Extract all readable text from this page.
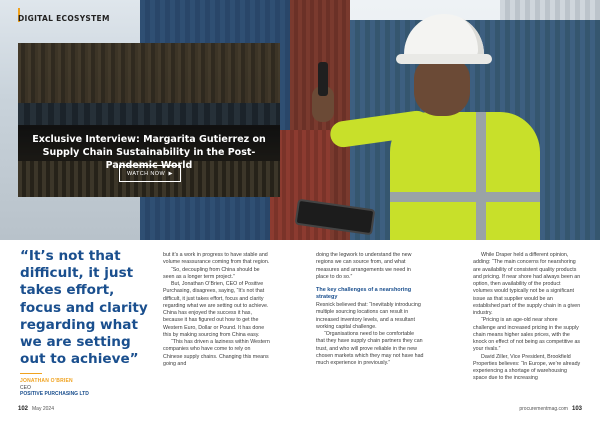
DIGITAL ECOSYSTEM
Exclusive Interview: Margarita Gutierrez on Supply Chain Sustainability in the Post-Pandemic World
WATCH NOW
“It’s not that difficult, it just takes effort, focus and clarity regarding what we are setting out to achieve”
JONATHAN O’BRIEN
CEO
POSITIVE PURCHASING LTD

but it’s a work in progress to have stable and volume reassurance coming from that region.

“So, decoupling from China should be seen as a longer term project.”

But, Jonathan O’Brien, CEO of Positive Purchasing, disagrees, saying, “It’s not that difficult, it just takes effort, focus and clarity regarding what we are setting out to achieve. China has enjoyed the success it has, because it has figured out how to get the Western Euro, Dollar or Pound. It has done this by making sourcing from China easy.

“This has driven a laziness within Western companies who have come to rely on Chinese supply chains. Changing this means going and

doing the legwork to understand the new regions we can source from, and what measures and arrangements we need in place to do so.”

The key challenges of a nearshoring strategy

Resnick believed that: “Inevitably introducing multiple sourcing locations can result in increased inventory levels, and a resultant working capital challenge.

“Organisations need to be comfortable that they have supply chain partners they can trust, and who will prove reliable in the new chosen markets which they may not have had much experience in previously.”

While Draper held a different opinion, adding: “The main concerns for nearshoring are availability of consistent quality products and pricing. If near shore had always been an option, then availability of the product volumes would typically not be a significant issue as that supplier would be an established part of the supply chain in a given industry.

“Pricing is an age-old near shore challenge and increased pricing in the supply chain means higher sales prices, with the knock on effect of not being as competitive as your rivals.”

David Ziller, Vice President, Brookfield Properties believes: “In Europe, we’re already experiencing a shortage of warehousing space due to the increasing

102 May 2024	procurementmag.com 103
